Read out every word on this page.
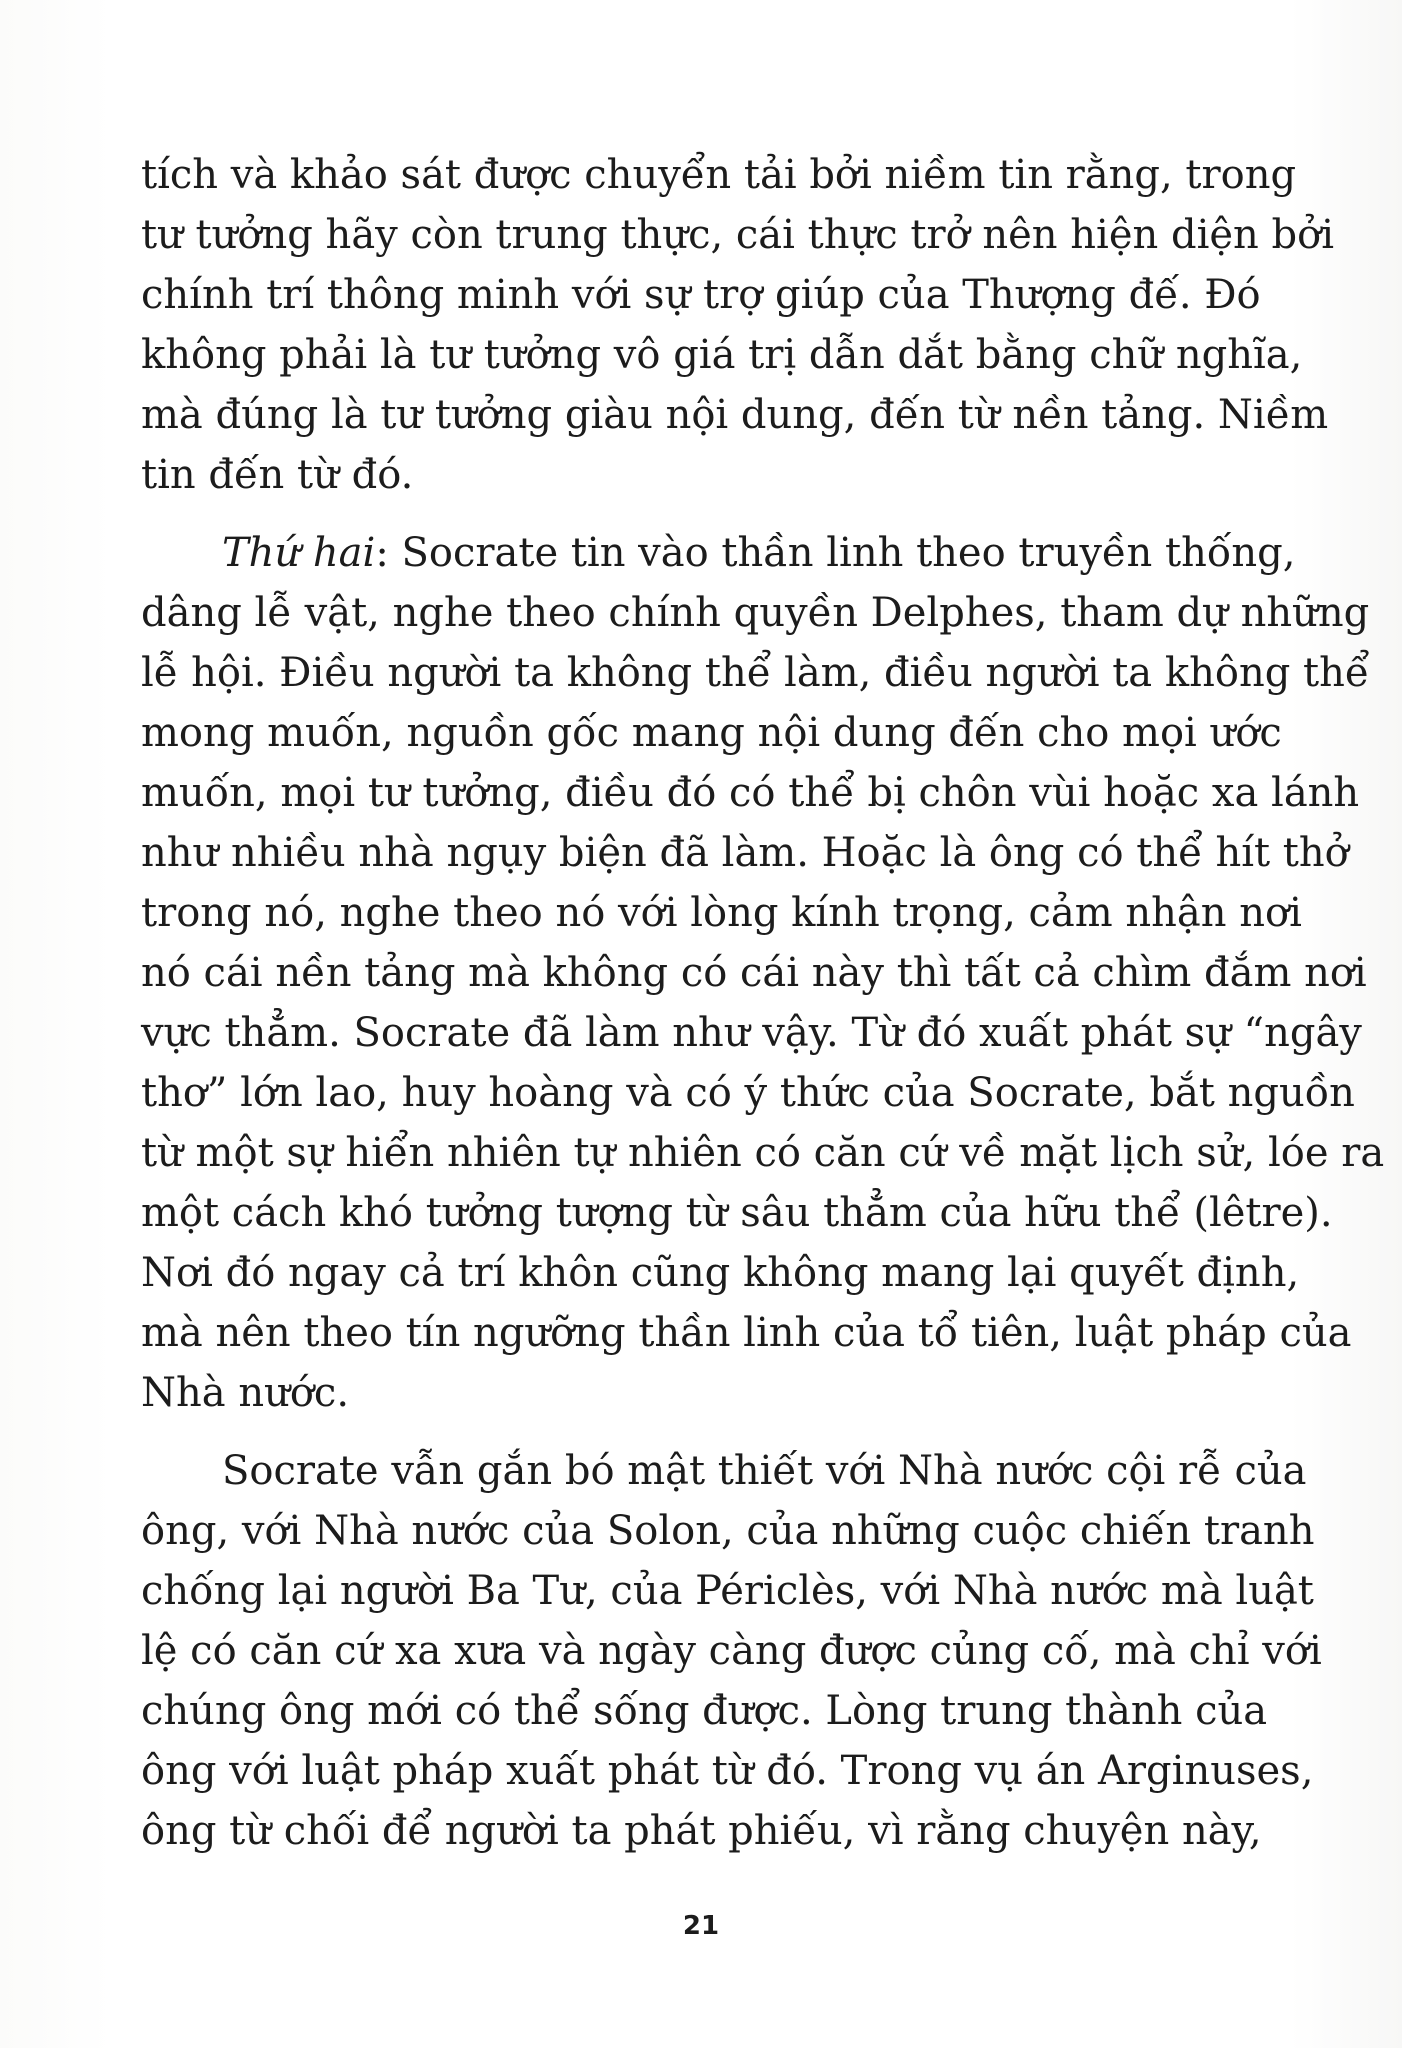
tích và khảo sát được chuyển tải bởi niềm tin rằng, trong
tư tưởng hãy còn trung thực, cái thực trở nên hiện diện bởi
chính trí thông minh với sự trợ giúp của Thượng đế. Đó
không phải là tư tưởng vô giá trị dẫn dắt bằng chữ nghĩa,
mà đúng là tư tưởng giàu nội dung, đến từ nền tảng. Niềm
tin đến từ đó.

Thứ hai: Socrate tin vào thần linh theo truyền thống,
dâng lễ vật, nghe theo chính quyền Delphes, tham dự những
lễ hội. Điều người ta không thể làm, điều người ta không thể
mong muốn, nguồn gốc mang nội dung đến cho mọi ước
muốn, mọi tư tưởng, điều đó có thể bị chôn vùi hoặc xa lánh
như nhiều nhà ngụy biện đã làm. Hoặc là ông có thể hít thở
trong nó, nghe theo nó với lòng kính trọng, cảm nhận nơi
nó cái nền tảng mà không có cái này thì tất cả chìm đắm nơi
vực thẳm. Socrate đã làm như vậy. Từ đó xuất phát sự “ngây
thơ” lớn lao, huy hoàng và có ý thức của Socrate, bắt nguồn
từ một sự hiển nhiên tự nhiên có căn cứ về mặt lịch sử, lóe ra
một cách khó tưởng tượng từ sâu thẳm của hữu thể (lêtre).
Nơi đó ngay cả trí khôn cũng không mang lại quyết định,
mà nên theo tín ngưỡng thần linh của tổ tiên, luật pháp của
Nhà nước.

Socrate vẫn gắn bó mật thiết với Nhà nước cội rễ của
ông, với Nhà nước của Solon, của những cuộc chiến tranh
chống lại người Ba Tư, của Périclès, với Nhà nước mà luật
lệ có căn cứ xa xưa và ngày càng được củng cố, mà chỉ với
chúng ông mới có thể sống được. Lòng trung thành của
ông với luật pháp xuất phát từ đó. Trong vụ án Arginuses,
ông từ chối để người ta phát phiếu, vì rằng chuyện này,

21
